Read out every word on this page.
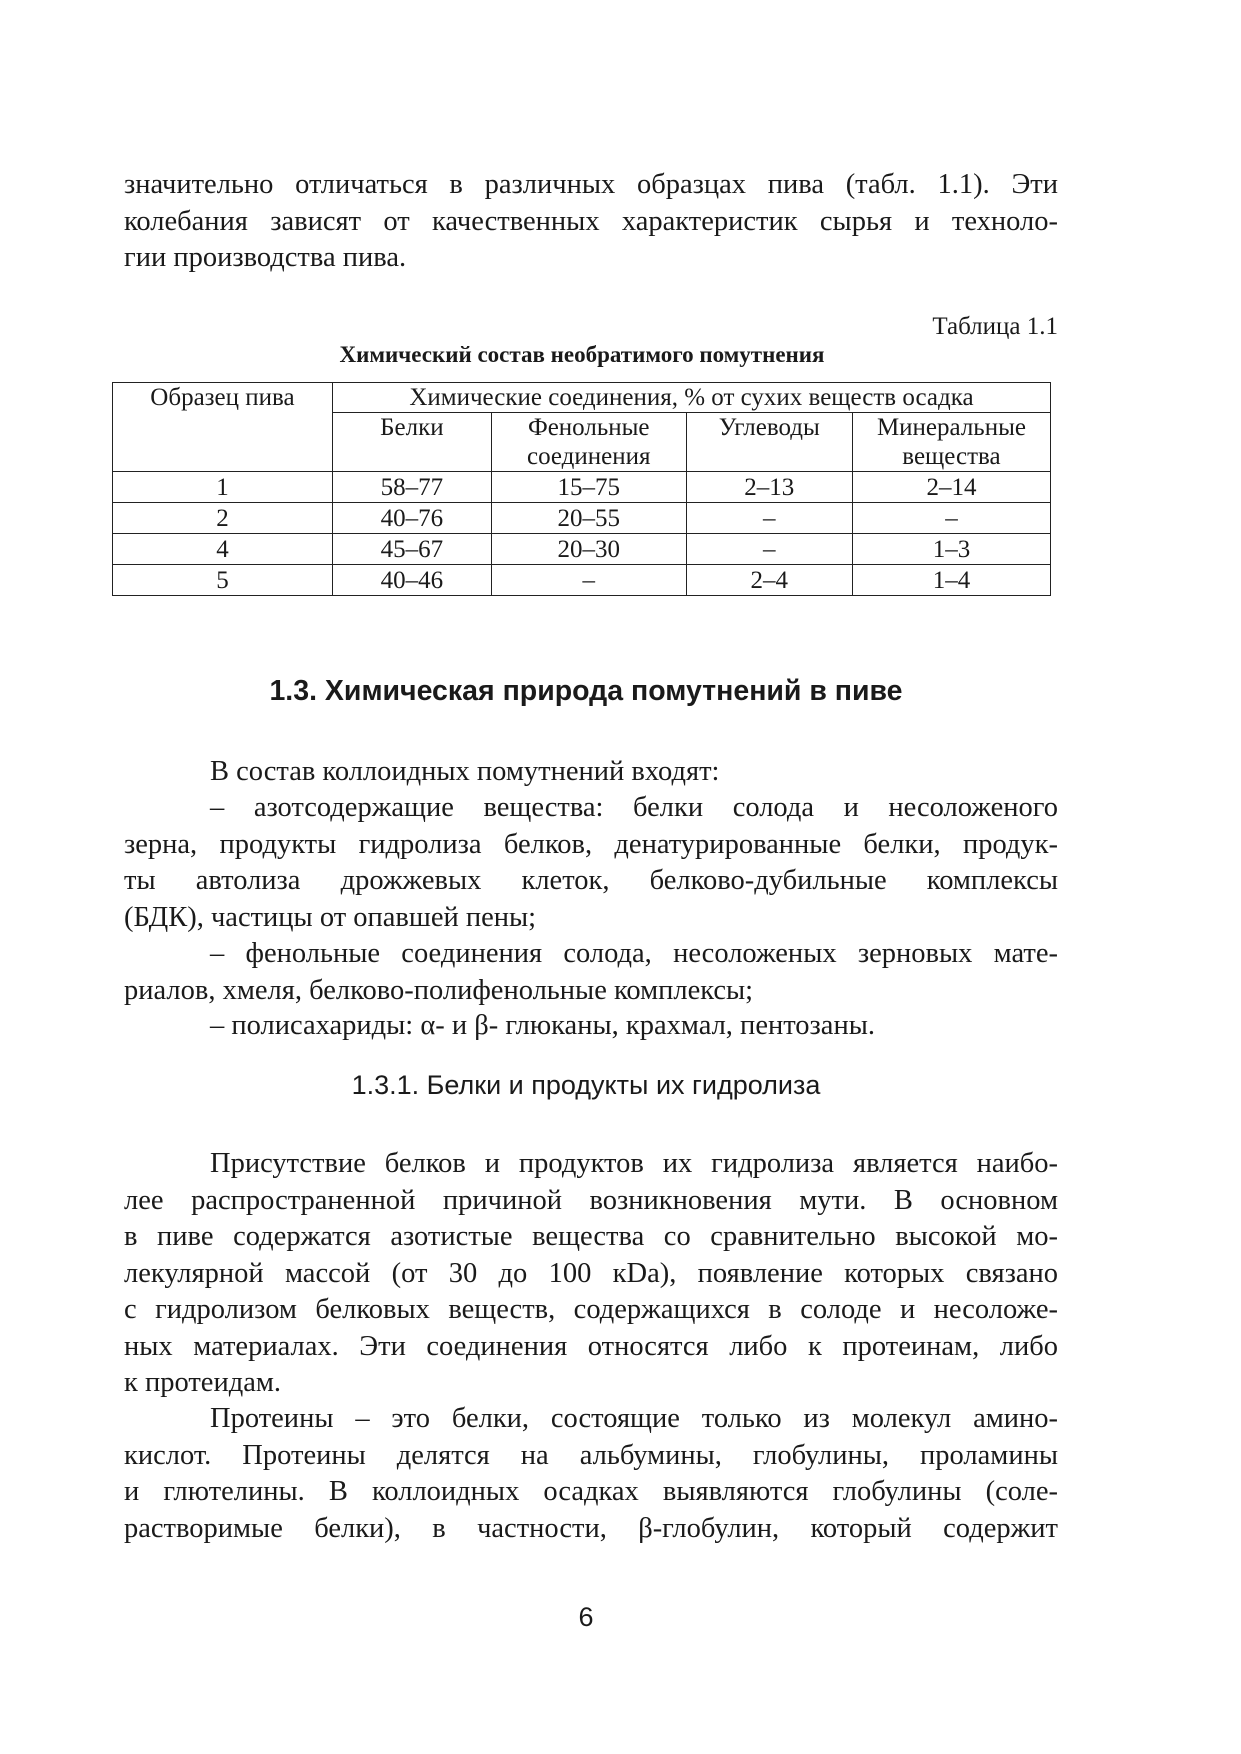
значительно отличаться в различных образцах пива (табл. 1.1). Эти
колебания зависят от качественных характеристик сырья и техноло-
гии производства пива.
Таблица 1.1
Химический состав необратимого помутнения
Образец пива	Химические соединения, % от сухих веществ осадка			
	Белки	Фенольные соединения	Углеводы	Минеральные вещества
1	58–77	15–75	2–13	2–14
2	40–76	20–55	–	–
4	45–67	20–30	–	1–3
5	40–46	–	2–4	1–4
1.3. Химическая природа помутнений в пиве
В состав коллоидных помутнений входят:
– азотсодержащие вещества: белки солода и несоложеного
зерна, продукты гидролиза белков, денатурированные белки, продук-
ты автолиза дрожжевых клеток, белково-дубильные комплексы
(БДК), частицы от опавшей пены;
– фенольные соединения солода, несоложеных зерновых мате-
риалов, хмеля, белково-полифенольные комплексы;
– полисахариды: α- и β- глюканы, крахмал, пентозаны.
1.3.1. Белки и продукты их гидролиза
Присутствие белков и продуктов их гидролиза является наибо-
лее распространенной причиной возникновения мути. В основном
в пиве содержатся азотистые вещества со сравнительно высокой мо-
лекулярной массой (от 30 до 100 кDa), появление которых связано
с гидролизом белковых веществ, содержащихся в солоде и несоложе-
ных материалах. Эти соединения относятся либо к протеинам, либо
к протеидам.
Протеины – это белки, состоящие только из молекул амино-
кислот. Протеины делятся на альбумины, глобулины, проламины
и глютелины. В коллоидных осадках выявляются глобулины (соле-
растворимые белки), в частности, β-глобулин, который содержит
6
